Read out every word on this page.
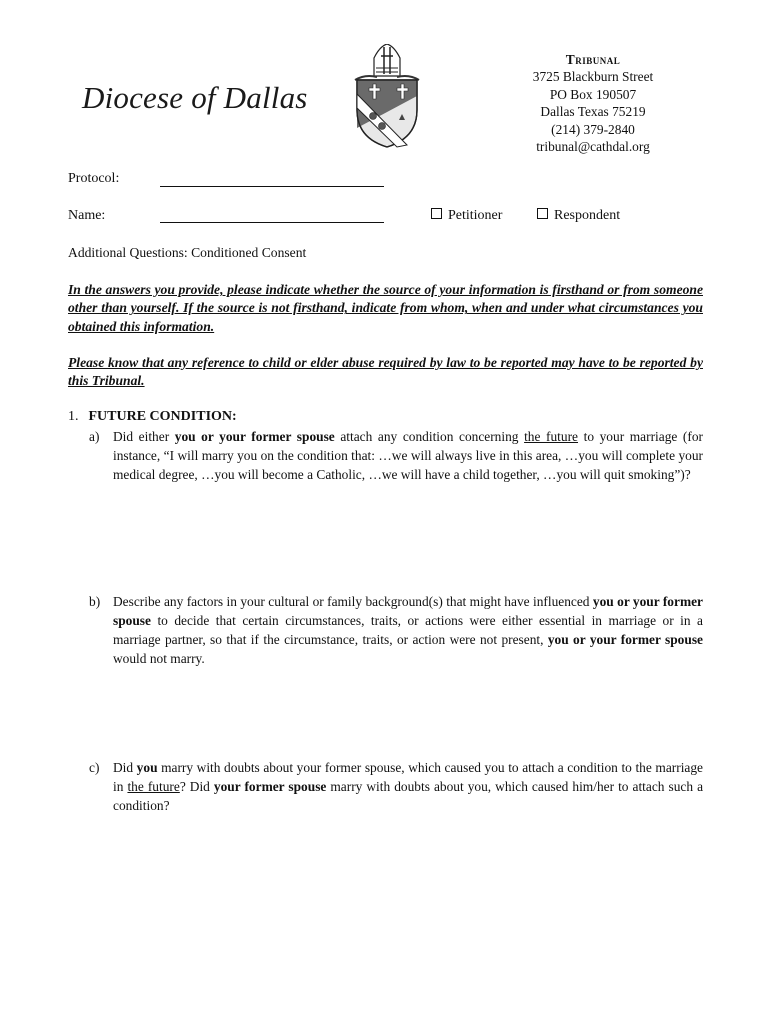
Diocese of Dallas
Tribunal
3725 Blackburn Street
PO Box 190507
Dallas Texas 75219
(214) 379-2840
tribunal@cathdal.org
Protocol:
Name:	Petitioner	Respondent
Additional Questions: Conditioned Consent
In the answers you provide, please indicate whether the source of your information is firsthand or from someone other than yourself. If the source is not firsthand, indicate from whom, when and under what circumstances you obtained this information.
Please know that any reference to child or elder abuse required by law to be reported may have to be reported by this Tribunal.
1. FUTURE CONDITION:
a) Did either you or your former spouse attach any condition concerning the future to your marriage (for instance, “I will marry you on the condition that: …we will always live in this area, …you will complete your medical degree, …you will become a Catholic, …we will have a child together, …you will quit smoking”)?
b) Describe any factors in your cultural or family background(s) that might have influenced you or your former spouse to decide that certain circumstances, traits, or actions were either essential in marriage or in a marriage partner, so that if the circumstance, traits, or action were not present, you or your former spouse would not marry.
c) Did you marry with doubts about your former spouse, which caused you to attach a condition to the marriage in the future? Did your former spouse marry with doubts about you, which caused him/her to attach such a condition?
